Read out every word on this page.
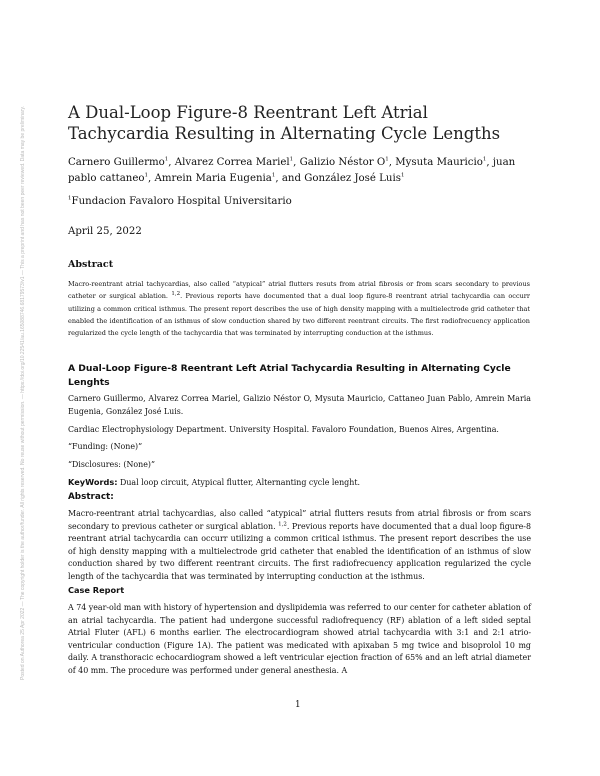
Posted on Authorea 25 Apr 2022 — The copyright holder is the author/funder. All rights reserved. No reuse without permission. — https://doi.org/10.22541/au.165088746.68179573/v1 — This a preprint and has not been peer reviewed. Data may be preliminary.	A Dual-Loop Figure-8 Reentrant Left Atrial Tachycardia Resulting in Alternating Cycle Lengths

Carnero Guillermo$^1$, Alvarez Correa Mariel$^1$, Galizio Néstor $O^1$, Mysuta Mauricio$^1$, juan pablo cattaneo$^1$, Amrein Maria Eugenia$^1$, and González José Luis$^1$

$^1$Fundacion Favaloro Hospital Universitario

April 25, 2022

Abstract

Macro-reentrant atrial tachycardias, also called “atypical” atrial flutters resuts from atrial fibrosis or from scars secondary to previous catheter or surgical ablation. $^{1,2}$. Previous reports have documented that a dual loop figure-8 reentrant atrial tachycardia can occurr utilizing a common critical isthmus. The present report describes the use of high density mapping with a multielectrode grid catheter that enabled the identification of an isthmus of slow conduction shared by two different reentrant circuits. The first radiofrecuency application regularized the cycle length of the tachycardia that was terminated by interrupting conduction at the isthmus.

A Dual-Loop Figure-8 Reentrant Left Atrial Tachycardia Resulting in Alternating Cycle Lenghts

Carnero Guillermo, Alvarez Correa Mariel, Galizio Néstor O, Mysuta Mauricio, Cattaneo Juan Pablo, Amrein Maria Eugenia, González José Luis.

Cardiac Electrophysiology Department. University Hospital. Favaloro Foundation, Buenos Aires, Argentina.

“Funding: (None)”

“Disclosures: (None)”

KeyWords: Dual loop circuit, Atypical flutter, Alternanting cycle lenght.

Abstract:

Macro-reentrant atrial tachycardias, also called “atypical” atrial flutters resuts from atrial fibrosis or from scars secondary to previous catheter or surgical ablation. $^{1,2}$. Previous reports have documented that a dual loop figure-8 reentrant atrial tachycardia can occurr utilizing a common critical isthmus. The present report describes the use of high density mapping with a multielectrode grid catheter that enabled the identification of an isthmus of slow conduction shared by two different reentrant circuits. The first radiofrecuency application regularized the cycle length of the tachycardia that was terminated by interrupting conduction at the isthmus.

Case Report

A 74 year-old man with history of hypertension and dyslipidemia was referred to our center for catheter ablation of an atrial tachycardia. The patient had undergone successful radiofrequency (RF) ablation of a left sided septal Atrial Fluter (AFL) 6 months earlier. The electrocardiogram showed atrial tachycardia with 3:1 and 2:1 atrio-ventricular conduction (Figure 1A). The patient was medicated with apixaban 5 mg twice and bisoprolol 10 mg daily. A transthoracic echocardiogram showed a left ventricular ejection fraction of 65% and an left atrial diameter of 40 mm. The procedure was performed under general anesthesia. A

1
